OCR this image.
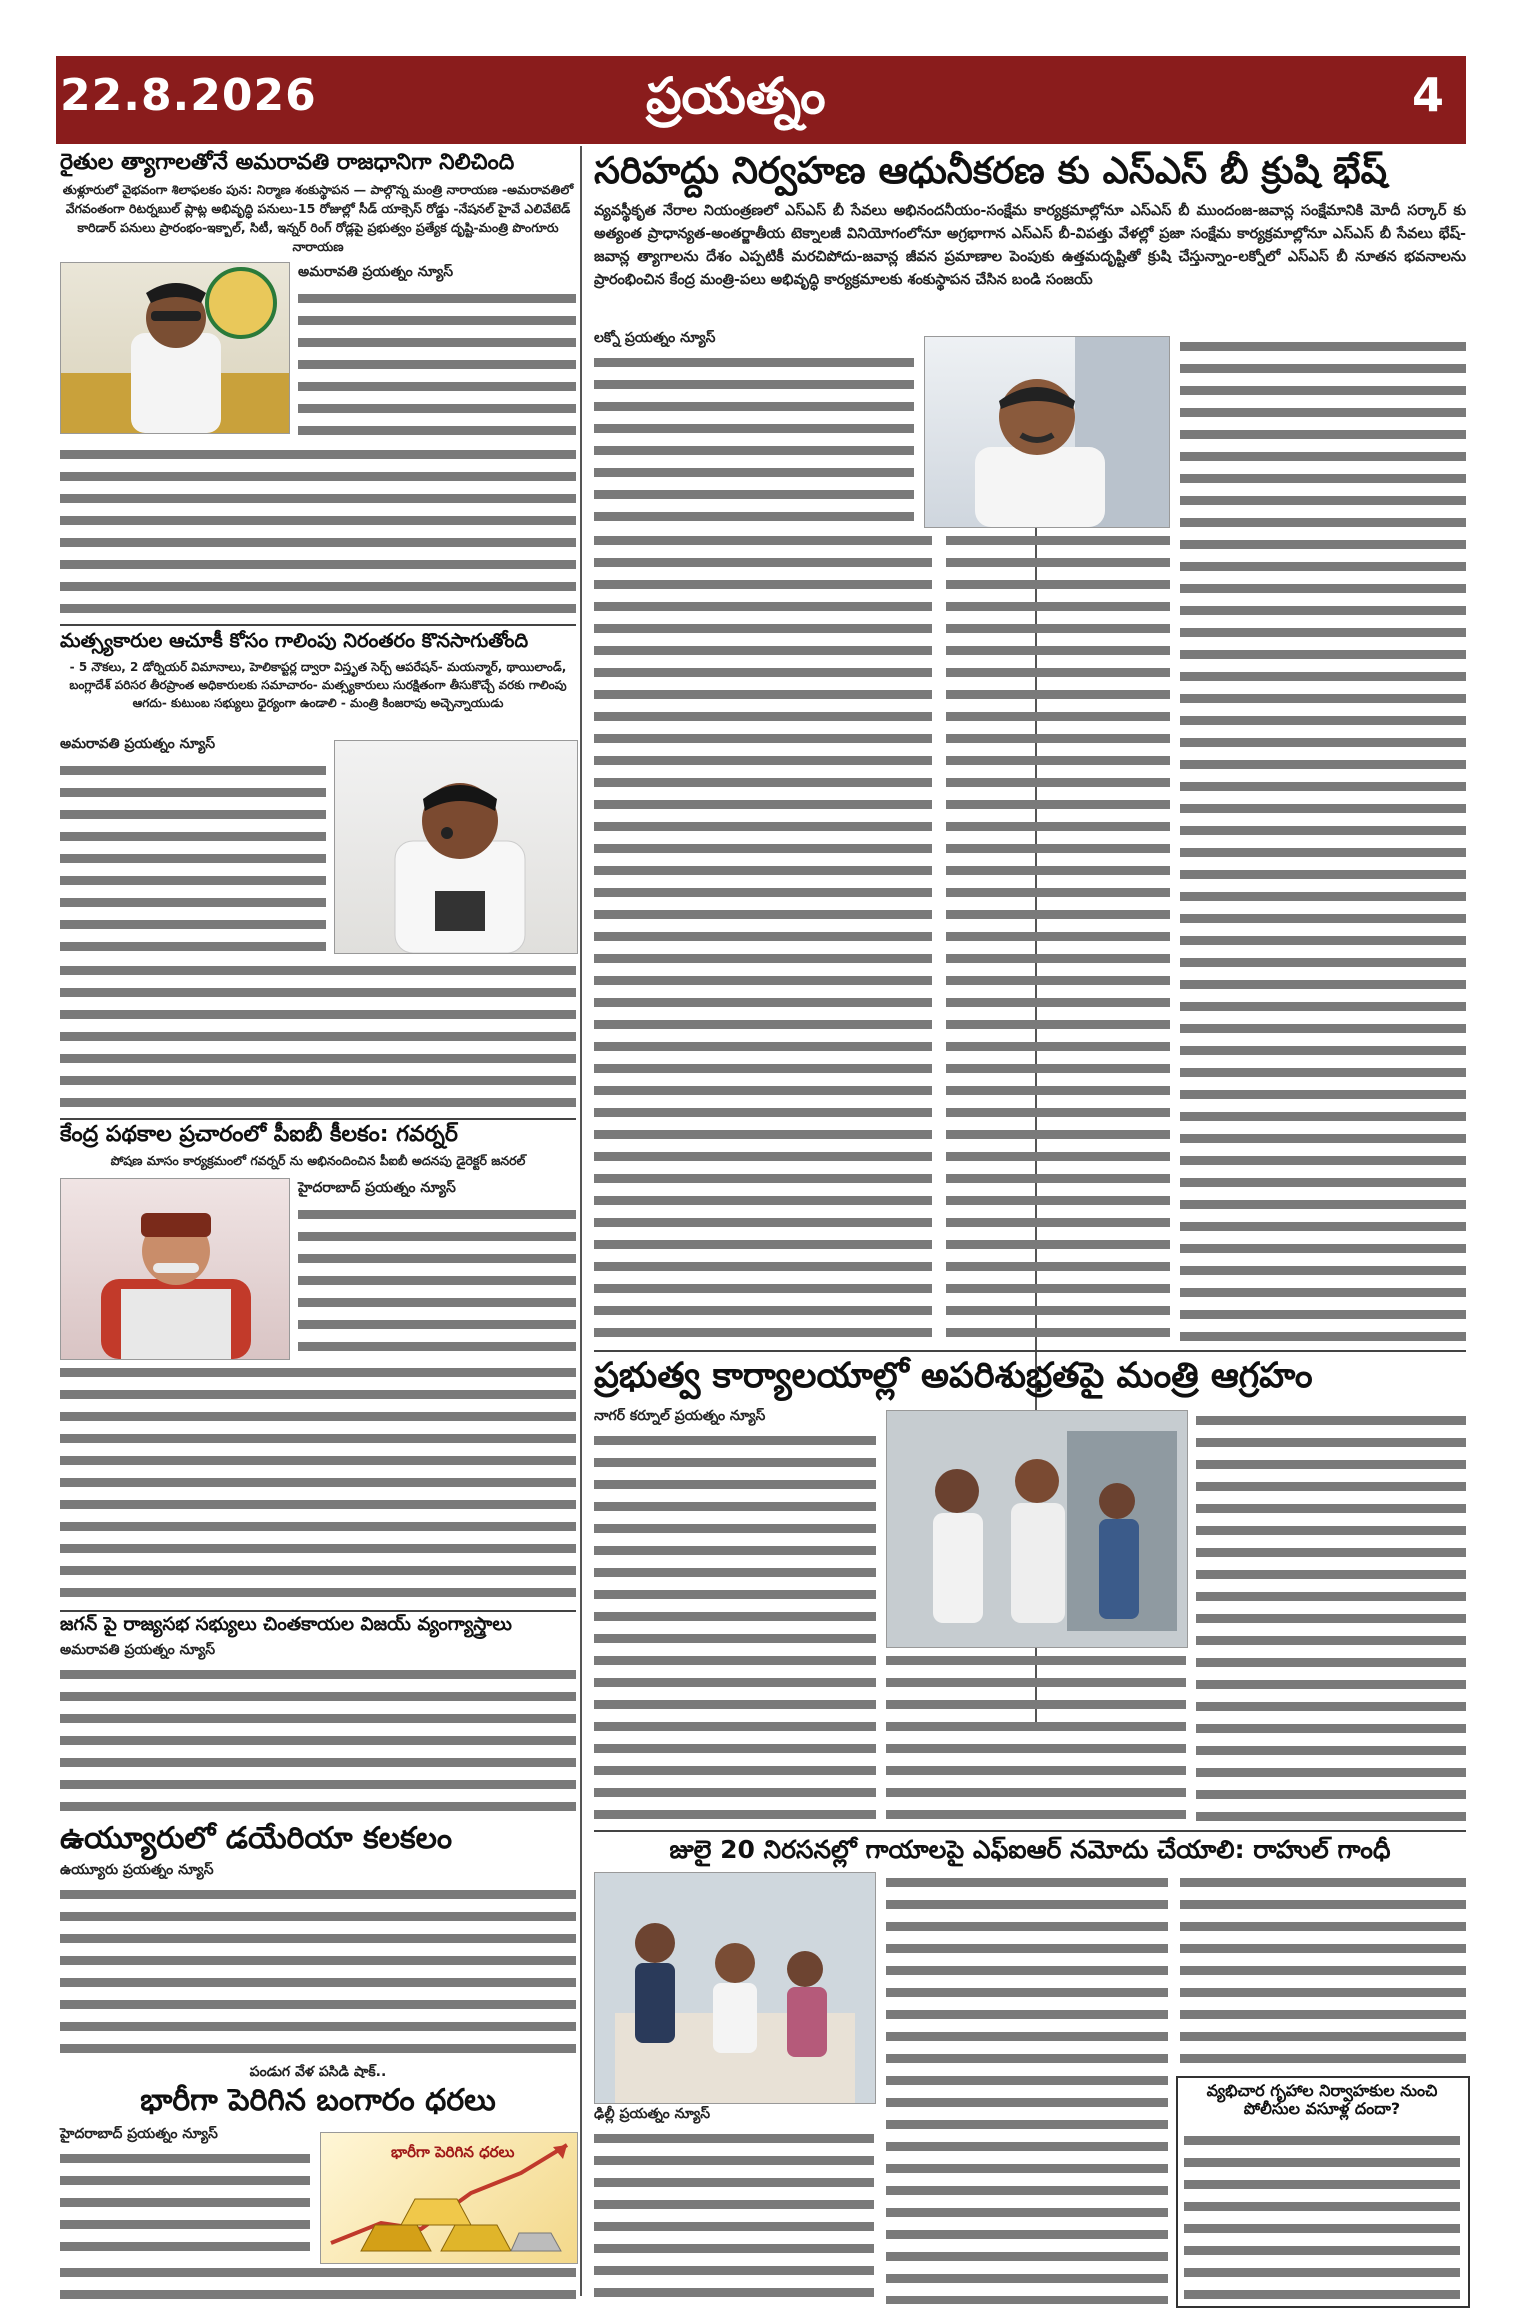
22.8.2026	ప్రయత్నం	4
రైతుల త్యాగాలతోనే అమరావతి రాజధానిగా నిలిచింది
తుళ్లూరులో వైభవంగా శిలాఫలకం పున: నిర్మాణ శంకుస్థాపన — పాల్గొన్న మంత్రి నారాయణ -అమరావతిలో వేగవంతంగా రిటర్నబుల్ ప్లాట్ల అభివృద్ధి పనులు-15 రోజుల్లో సీడ్ యాక్సెస్ రోడ్డు -నేషనల్ హైవే ఎలివేటెడ్ కారిడార్ పనులు ప్రారంభం-ఇక్బాల్, సిటీ, ఇన్నర్ రింగ్ రోడ్లపై ప్రభుత్వం ప్రత్యేక దృష్టి-మంత్రి పొంగూరు నారాయణ
అమరావతి ప్రయత్నం న్యూస్
మత్స్యకారుల ఆచూకీ కోసం గాలింపు నిరంతరం కొనసాగుతోంది
- 5 నౌకలు, 2 డోర్నియర్ విమానాలు, హెలికాప్టర్ల ద్వారా విస్తృత సెర్చ్ ఆపరేషన్- మయన్మార్, థాయిలాండ్, బంగ్లాదేశ్ పరిసర తీరప్రాంత అధికారులకు సమాచారం- మత్స్యకారులు సురక్షితంగా తీసుకొచ్చే వరకు గాలింపు ఆగదు- కుటుంబ సభ్యులు ధైర్యంగా ఉండాలి - మంత్రి కింజరాపు అచ్చెన్నాయుడు
అమరావతి ప్రయత్నం న్యూస్
కేంద్ర పథకాల ప్రచారంలో పీఐబీ కీలకం: గవర్నర్
పోషణ మాసం కార్యక్రమంలో గవర్నర్ ను అభినందించిన పీఐబీ అదనపు డైరెక్టర్ జనరల్
హైదరాబాద్ ప్రయత్నం న్యూస్
జగన్ పై రాజ్యసభ సభ్యులు చింతకాయల విజయ్ వ్యంగ్యాస్త్రాలు
అమరావతి ప్రయత్నం న్యూస్
ఉయ్యూరులో డయేరియా కలకలం
ఉయ్యూరు ప్రయత్నం న్యూస్
పండుగ వేళ పసిడి షాక్..
భారీగా పెరిగిన బంగారం ధరలు
హైదరాబాద్ ప్రయత్నం న్యూస్
భారీగా పెరిగిన ధరలు
సరిహద్దు నిర్వహణ ఆధునీకరణ కు ఎస్ఎస్ బీ క్రుషి భేష్
వ్యవస్థీకృత నేరాల నియంత్రణలో ఎస్ఎస్ బీ సేవలు అభినందనీయం-సంక్షేమ కార్యక్రమాల్లోనూ ఎస్ఎస్ బీ ముందంజ-జవాన్ల సంక్షేమానికి మోదీ సర్కార్ కు అత్యంత ప్రాధాన్యత-అంతర్జాతీయ టెక్నాలజీ వినియోగంలోనూ అగ్రభాగాన ఎస్ఎస్ బీ-విపత్తు వేళల్లో ప్రజా సంక్షేమ కార్యక్రమాల్లోనూ ఎస్ఎస్ బీ సేవలు భేష్-జవాన్ల త్యాగాలను దేశం ఎప్పటికీ మరచిపోదు-జవాన్ల జీవన ప్రమాణాల పెంపుకు ఉత్తమదృష్టితో క్రుషి చేస్తున్నాం-లక్నోలో ఎస్ఎస్ బీ నూతన భవనాలను ప్రారంభించిన కేంద్ర మంత్రి-పలు అభివృద్ధి కార్యక్రమాలకు శంకుస్థాపన చేసిన బండి సంజయ్
లక్నో ప్రయత్నం న్యూస్
ప్రభుత్వ కార్యాలయాల్లో అపరిశుభ్రతపై మంత్రి ఆగ్రహం
నాగర్ కర్నూల్ ప్రయత్నం న్యూస్
జులై 20 నిరసనల్లో గాయాలపై ఎఫ్ఐఆర్ నమోదు చేయాలి: రాహుల్ గాంధీ
ఢిల్లీ ప్రయత్నం న్యూస్
వ్యభిచార గృహాల నిర్వాహకుల నుంచి పోలీసుల వసూళ్ల దందా?
